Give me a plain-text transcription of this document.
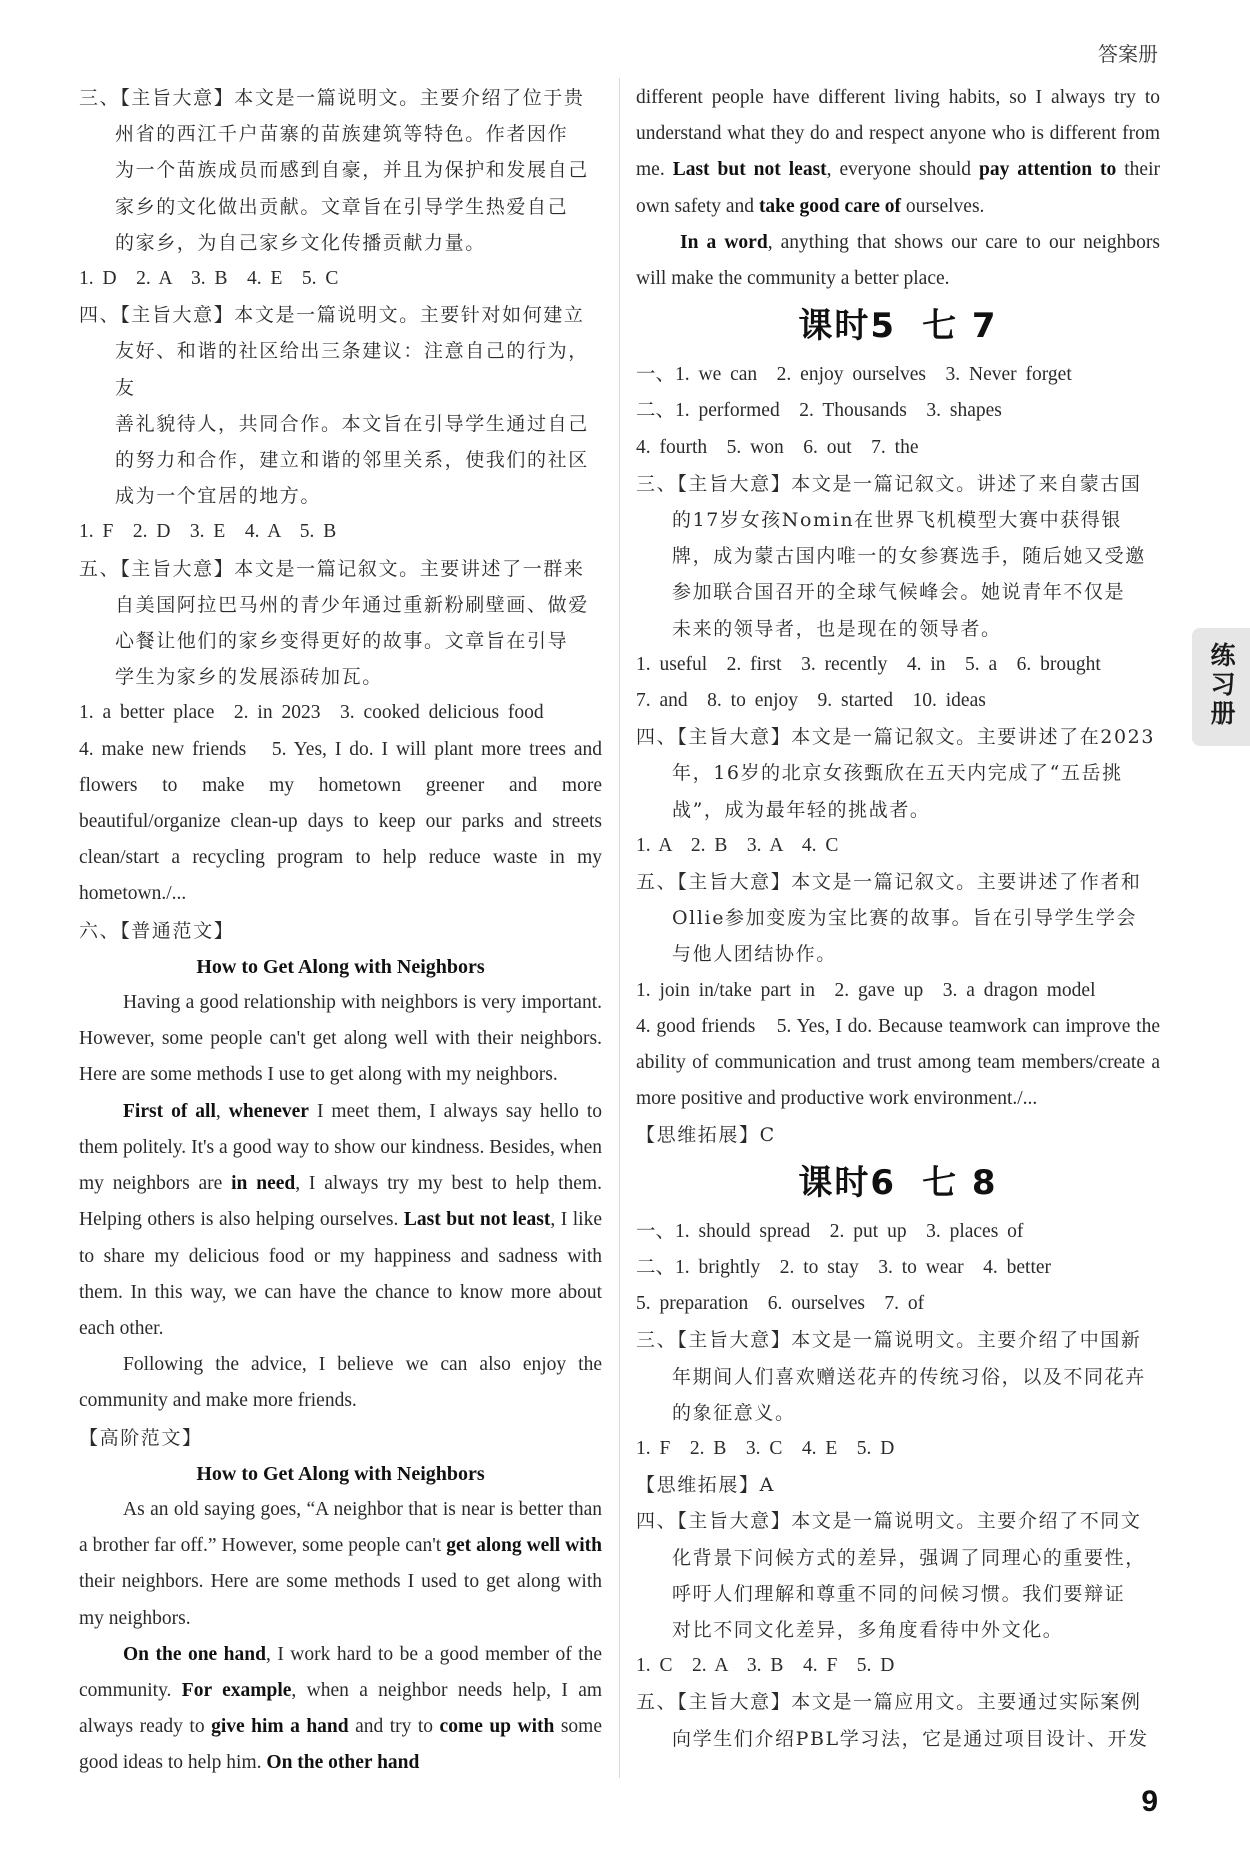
答案册
练习册

三、【主旨大意】本文是一篇说明文。主要介绍了位于贵

州省的西江千户苗寨的苗族建筑等特色。作者因作

为一个苗族成员而感到自豪，并且为保护和发展自己

家乡的文化做出贡献。文章旨在引导学生热爱自己

的家乡，为自己家乡文化传播贡献力量。

1. D　2. A　3. B　4. E　5. C

四、【主旨大意】本文是一篇说明文。主要针对如何建立

友好、和谐的社区给出三条建议：注意自己的行为，友

善礼貌待人，共同合作。本文旨在引导学生通过自己

的努力和合作，建立和谐的邻里关系，使我们的社区

成为一个宜居的地方。

1. F　2. D　3. E　4. A　5. B

五、【主旨大意】本文是一篇记叙文。主要讲述了一群来

自美国阿拉巴马州的青少年通过重新粉刷壁画、做爱

心餐让他们的家乡变得更好的故事。文章旨在引导

学生为家乡的发展添砖加瓦。

1. a better place　2. in 2023　3. cooked delicious food

4. make new friends　5. Yes, I do. I will plant more trees and flowers to make my hometown greener and more beautiful/organize clean-up days to keep our parks and streets clean/start a recycling program to help reduce waste in my hometown./...

六、【普通范文】

How to Get Along with Neighbors

Having a good relationship with neighbors is very important. However, some people can't get along well with their neighbors. Here are some methods I use to get along with my neighbors.

First of all, whenever I meet them, I always say hello to them politely. It's a good way to show our kindness. Besides, when my neighbors are in need, I always try my best to help them. Helping others is also helping ourselves. Last but not least, I like to share my delicious food or my happiness and sadness with them. In this way, we can have the chance to know more about each other.

Following the advice, I believe we can also enjoy the community and make more friends.

【高阶范文】

How to Get Along with Neighbors

As an old saying goes, “A neighbor that is near is better than a brother far off.” However, some people can't get along well with their neighbors. Here are some methods I used to get along with my neighbors.

On the one hand, I work hard to be a good member of the community. For example, when a neighbor needs help, I am always ready to give him a hand and try to come up with some good ideas to help him. On the other hand

different people have different living habits, so I always try to understand what they do and respect anyone who is different from me. Last but not least, everyone should pay attention to their own safety and take good care of ourselves.

In a word, anything that shows our care to our neighbors will make the community a better place.

课时5 七 7

一、1. we can　2. enjoy ourselves　3. Never forget

二、1. performed　2. Thousands　3. shapes

4. fourth　5. won　6. out　7. the

三、【主旨大意】本文是一篇记叙文。讲述了来自蒙古国

的17岁女孩Nomin在世界飞机模型大赛中获得银

牌，成为蒙古国内唯一的女参赛选手，随后她又受邀

参加联合国召开的全球气候峰会。她说青年不仅是

未来的领导者，也是现在的领导者。

1. useful　2. first　3. recently　4. in　5. a　6. brought

7. and　8. to enjoy　9. started　10. ideas

四、【主旨大意】本文是一篇记叙文。主要讲述了在2023

年，16岁的北京女孩甄欣在五天内完成了“五岳挑

战”，成为最年轻的挑战者。

1. A　2. B　3. A　4. C

五、【主旨大意】本文是一篇记叙文。主要讲述了作者和

Ollie参加变废为宝比赛的故事。旨在引导学生学会

与他人团结协作。

1. join in/take part in　2. gave up　3. a dragon model

4. good friends　5. Yes, I do. Because teamwork can improve the ability of communication and trust among team members/create a more positive and productive work environment./...

【思维拓展】C

课时6 七 8

一、1. should spread　2. put up　3. places of

二、1. brightly　2. to stay　3. to wear　4. better

5. preparation　6. ourselves　7. of

三、【主旨大意】本文是一篇说明文。主要介绍了中国新

年期间人们喜欢赠送花卉的传统习俗，以及不同花卉

的象征意义。

1. F　2. B　3. C　4. E　5. D

【思维拓展】A

四、【主旨大意】本文是一篇说明文。主要介绍了不同文

化背景下问候方式的差异，强调了同理心的重要性，

呼吁人们理解和尊重不同的问候习惯。我们要辩证

对比不同文化差异，多角度看待中外文化。

1. C　2. A　3. B　4. F　5. D

五、【主旨大意】本文是一篇应用文。主要通过实际案例

向学生们介绍PBL学习法，它是通过项目设计、开发

9
